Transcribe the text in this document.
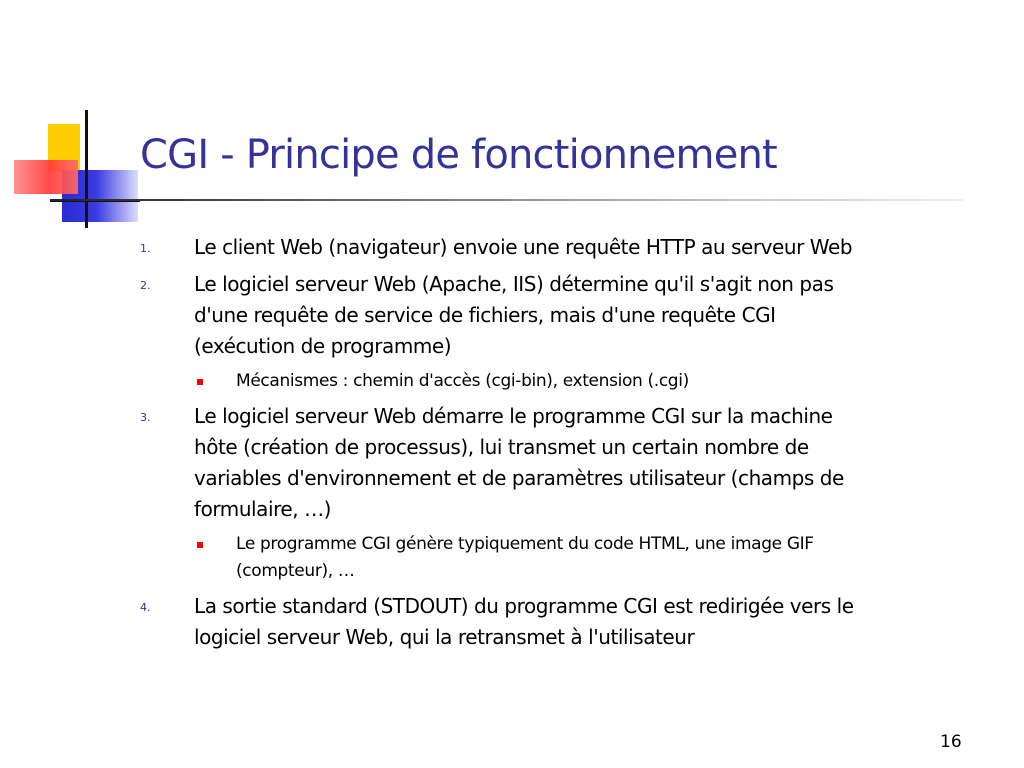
CGI - Principe de fonctionnement
1. Le client Web (navigateur) envoie une requête HTTP au serveur Web
2. Le logiciel serveur Web (Apache, IIS) détermine qu'il s'agit non pas
d'une requête de service de fichiers, mais d'une requête CGI
(exécution de programme)
Mécanismes : chemin d'accès (cgi-bin), extension (.cgi)
3. Le logiciel serveur Web démarre le programme CGI sur la machine
hôte (création de processus), lui transmet un certain nombre de
variables d'environnement et de paramètres utilisateur (champs de
formulaire, …)
Le programme CGI génère typiquement du code HTML, une image GIF
(compteur), …
4. La sortie standard (STDOUT) du programme CGI est redirigée vers le
logiciel serveur Web, qui la retransmet à l'utilisateur
16
